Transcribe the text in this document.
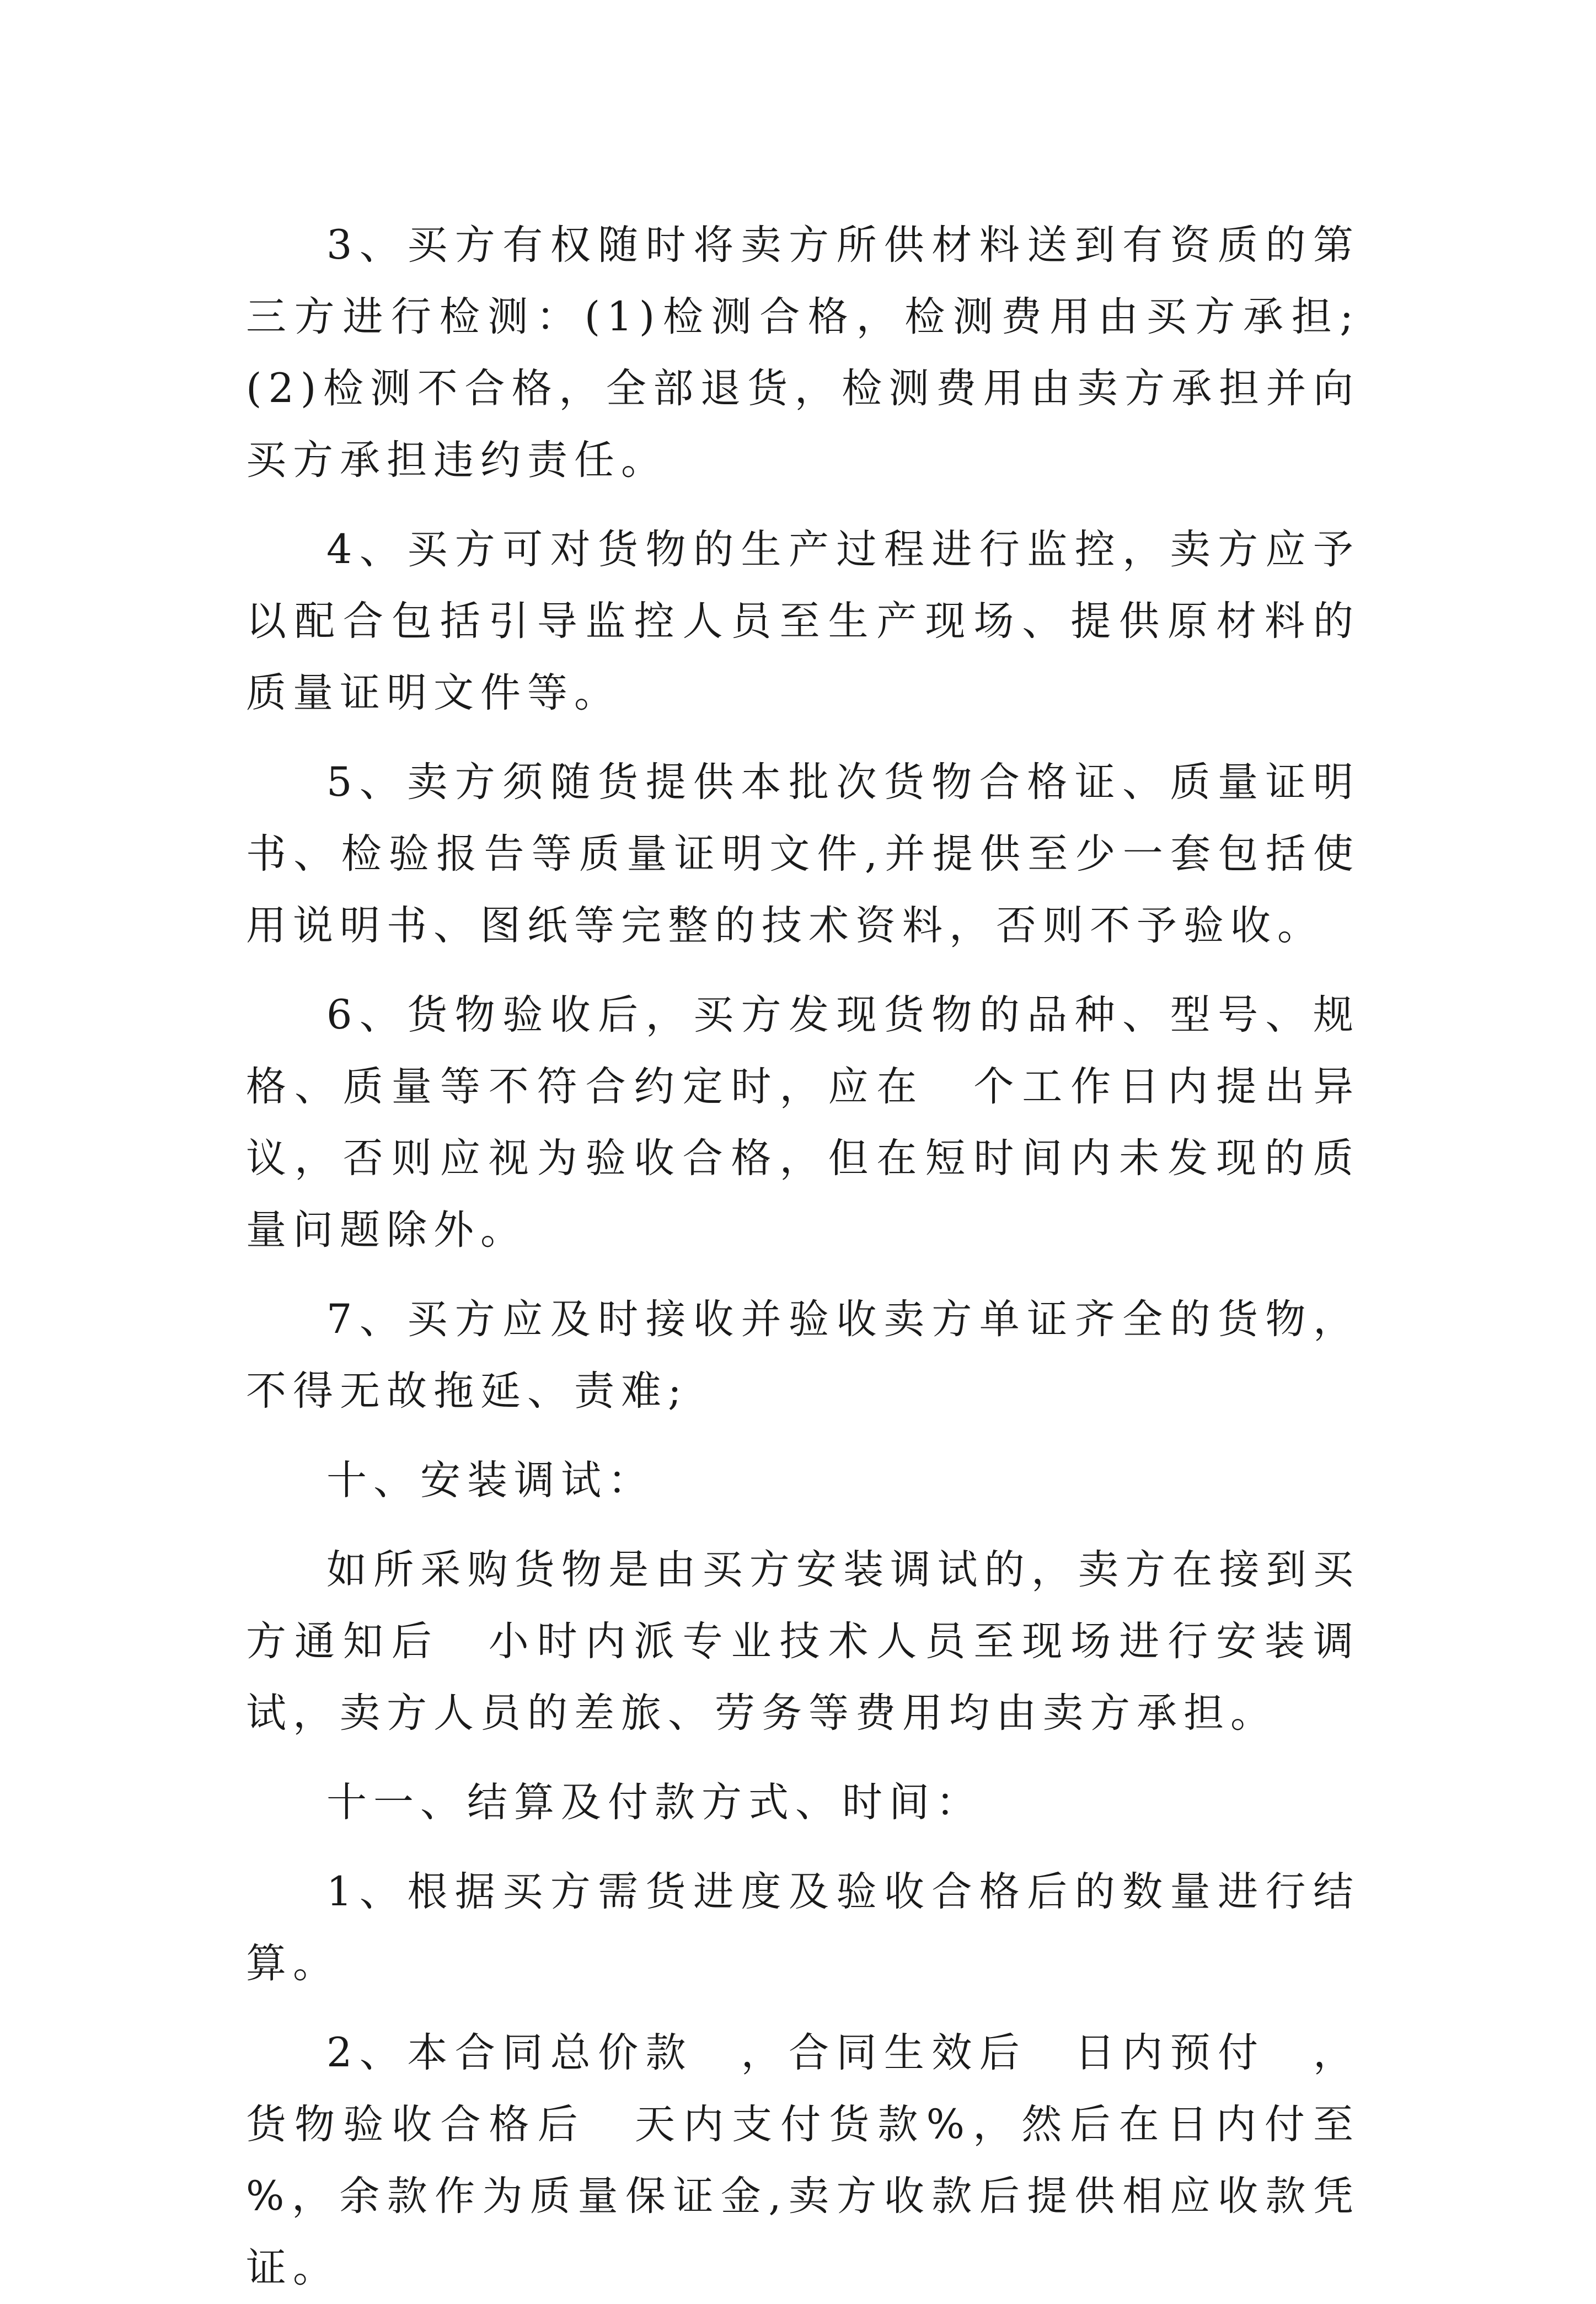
3、买方有权随时将卖方所供材料送到有资质的第三方进行检测：(1)检测合格，检测费用由买方承担;(2)检测不合格，全部退货，检测费用由卖方承担并向买方承担违约责任。

4、买方可对货物的生产过程进行监控，卖方应予以配合包括引导监控人员至生产现场、提供原材料的质量证明文件等。

5、卖方须随货提供本批次货物合格证、质量证明书、检验报告等质量证明文件,并提供至少一套包括使用说明书、图纸等完整的技术资料，否则不予验收。

6、货物验收后，买方发现货物的品种、型号、规格、质量等不符合约定时，应在　个工作日内提出异议，否则应视为验收合格，但在短时间内未发现的质量问题除外。

7、买方应及时接收并验收卖方单证齐全的货物，不得无故拖延、责难;

十、安装调试：

如所采购货物是由买方安装调试的，卖方在接到买方通知后　小时内派专业技术人员至现场进行安装调试，卖方人员的差旅、劳务等费用均由卖方承担。

十一、结算及付款方式、时间：

1、根据买方需货进度及验收合格后的数量进行结算。

2、本合同总价款　，合同生效后　日内预付　，货物验收合格后　天内支付货款%，然后在日内付至　%，余款作为质量保证金,卖方收款后提供相应收款凭证。
